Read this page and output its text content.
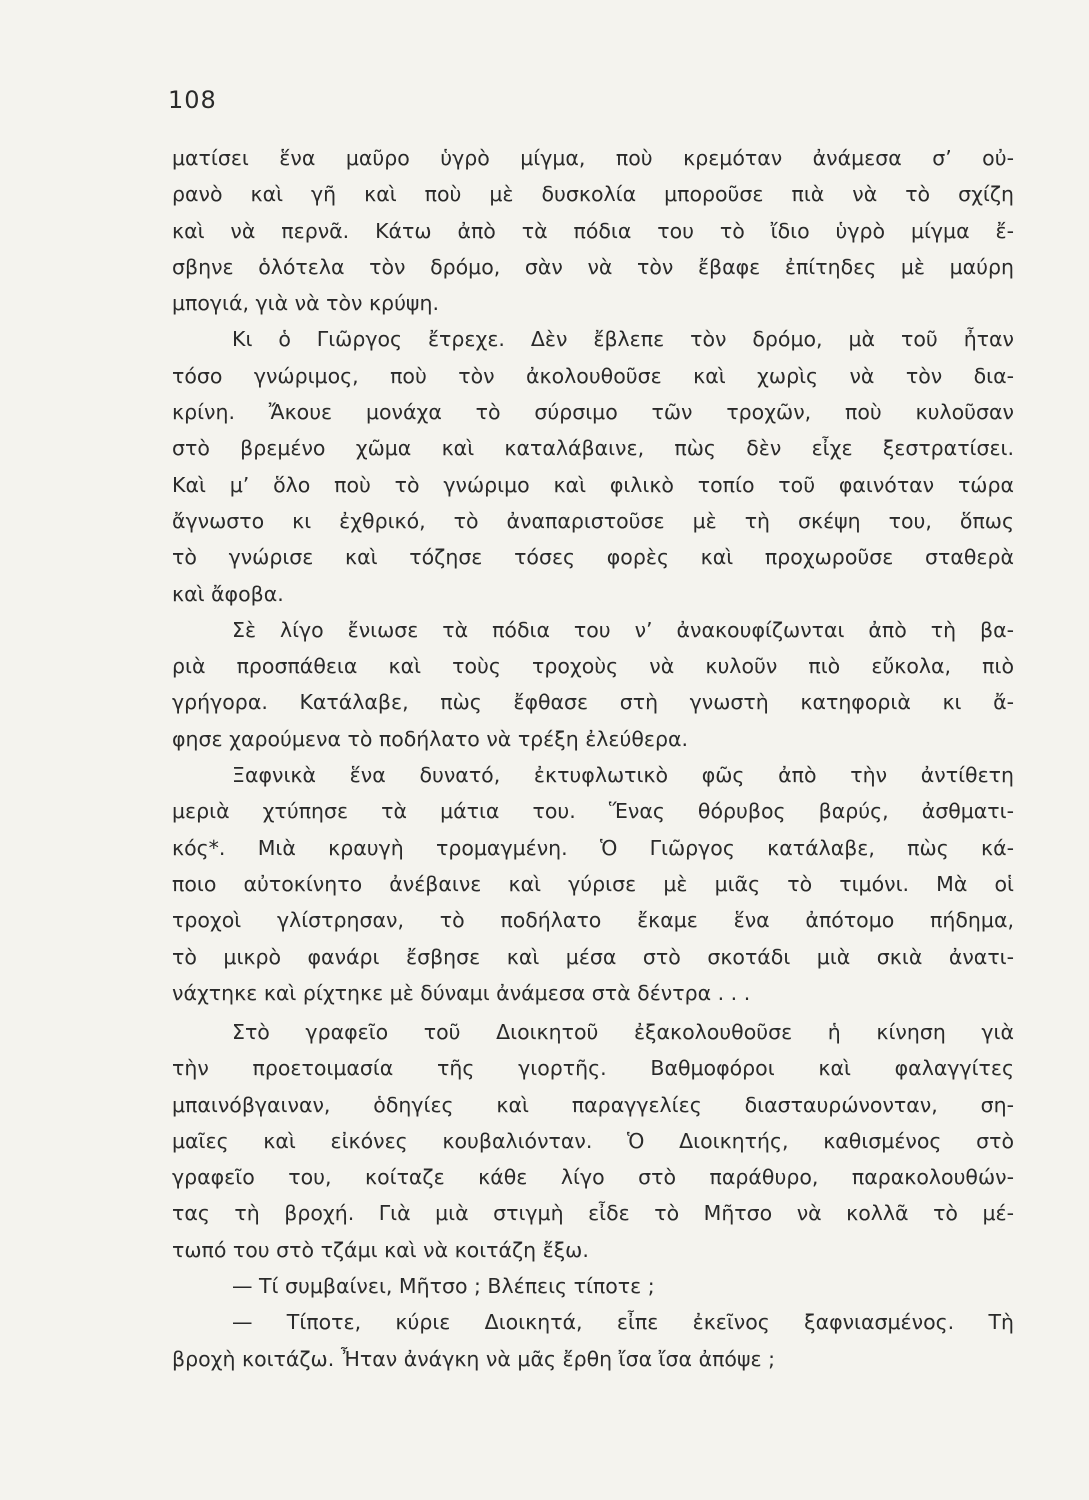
108
ματίσει ἕνα μαῦρο ὑγρὸ μίγμα, ποὺ κρεμόταν ἀνάμεσα σ’ οὐ-
ρανὸ καὶ γῆ καὶ ποὺ μὲ δυσκολία μποροῦσε πιὰ νὰ τὸ σχίζη
καὶ νὰ περνᾶ. Κάτω ἀπὸ τὰ πόδια του τὸ ἴδιο ὑγρὸ μίγμα ἔ-
σβηνε ὁλότελα τὸν δρόμο, σὰν νὰ τὸν ἔβαφε ἐπίτηδες μὲ μαύρη
μπογιά, γιὰ νὰ τὸν κρύψη.
Κι ὁ Γιῶργος ἔτρεχε. Δὲν ἔβλεπε τὸν δρόμο, μὰ τοῦ ἦταν
τόσο γνώριμος, ποὺ τὸν ἀκολουθοῦσε καὶ χωρὶς νὰ τὸν δια-
κρίνη. Ἄκουε μονάχα τὸ σύρσιμο τῶν τροχῶν, ποὺ κυλοῦσαν
στὸ βρεμένο χῶμα καὶ καταλάβαινε, πὼς δὲν εἶχε ξεστρατίσει.
Καὶ μ’ ὅλο ποὺ τὸ γνώριμο καὶ φιλικὸ τοπίο τοῦ φαινόταν τώρα
ἄγνωστο κι ἐχθρικό, τὸ ἀναπαριστοῦσε μὲ τὴ σκέψη του, ὅπως
τὸ γνώρισε καὶ τόζησε τόσες φορὲς καὶ προχωροῦσε σταθερὰ
καὶ ἄφοβα.
Σὲ λίγο ἔνιωσε τὰ πόδια του ν’ ἀνακουφίζωνται ἀπὸ τὴ βα-
ριὰ προσπάθεια καὶ τοὺς τροχοὺς νὰ κυλοῦν πιὸ εὔκολα, πιὸ
γρήγορα. Κατάλαβε, πὼς ἔφθασε στὴ γνωστὴ κατηφοριὰ κι ἄ-
φησε χαρούμενα τὸ ποδήλατο νὰ τρέξη ἐλεύθερα.
Ξαφνικὰ ἕνα δυνατό, ἐκτυφλωτικὸ φῶς ἀπὸ τὴν ἀντίθετη
μεριὰ χτύπησε τὰ μάτια του. Ἕνας θόρυβος βαρύς, ἀσθματι-
κός*. Μιὰ κραυγὴ τρομαγμένη. Ὁ Γιῶργος κατάλαβε, πὼς κά-
ποιο αὐτοκίνητο ἀνέβαινε καὶ γύρισε μὲ μιᾶς τὸ τιμόνι. Μὰ οἱ
τροχοὶ γλίστρησαν, τὸ ποδήλατο ἔκαμε ἕνα ἀπότομο πήδημα,
τὸ μικρὸ φανάρι ἔσβησε καὶ μέσα στὸ σκοτάδι μιὰ σκιὰ ἀνατι-
νάχτηκε καὶ ρίχτηκε μὲ δύναμι ἀνάμεσα στὰ δέντρα . . .
Στὸ γραφεῖο τοῦ Διοικητοῦ ἐξακολουθοῦσε ἡ κίνηση γιὰ
τὴν προετοιμασία τῆς γιορτῆς. Βαθμοφόροι καὶ φαλαγγίτες
μπαινόβγαιναν, ὁδηγίες καὶ παραγγελίες διασταυρώνονταν, ση-
μαῖες καὶ εἰκόνες κουβαλιόνταν. Ὁ Διοικητής, καθισμένος στὸ
γραφεῖο του, κοίταζε κάθε λίγο στὸ παράθυρο, παρακολουθών-
τας τὴ βροχή. Γιὰ μιὰ στιγμὴ εἶδε τὸ Μῆτσο νὰ κολλᾶ τὸ μέ-
τωπό του στὸ τζάμι καὶ νὰ κοιτάζη ἔξω.
— Τί συμβαίνει, Μῆτσο ; Βλέπεις τίποτε ;
— Τίποτε, κύριε Διοικητά, εἶπε ἐκεῖνος ξαφνιασμένος. Τὴ
βροχὴ κοιτάζω. Ἦταν ἀνάγκη νὰ μᾶς ἔρθη ἴσα ἴσα ἀπόψε ;
